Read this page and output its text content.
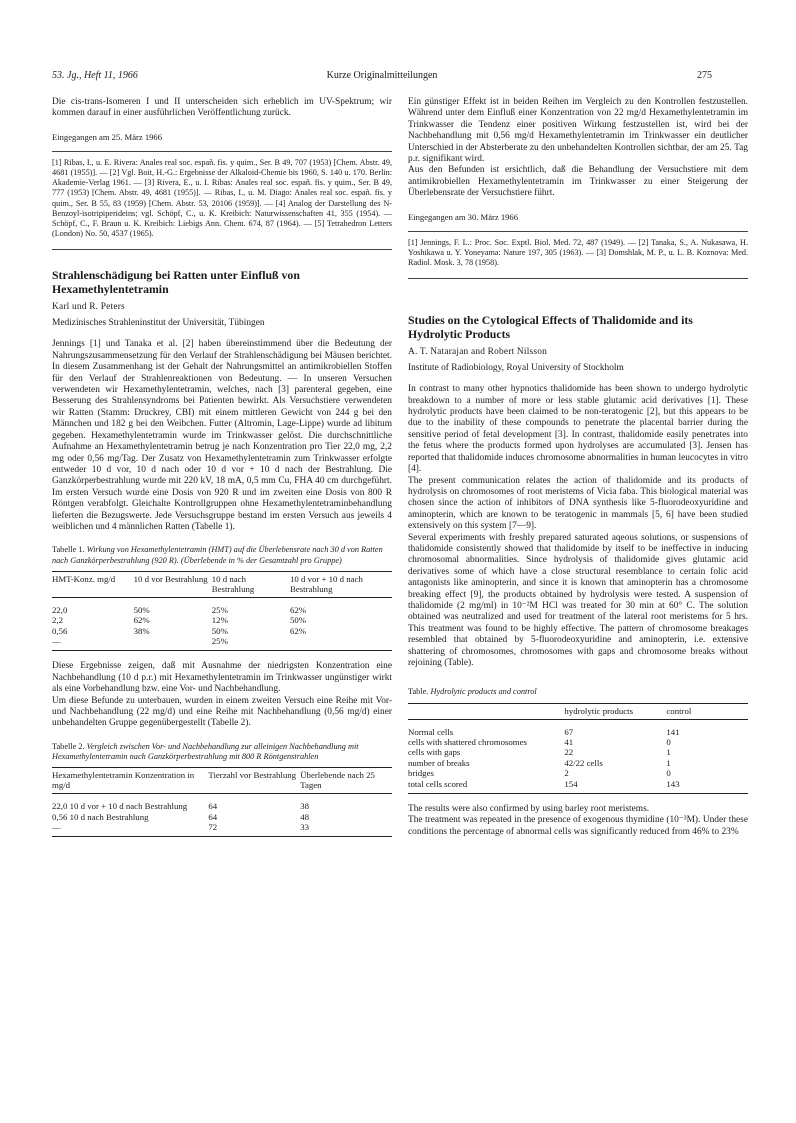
53. Jg., Heft 11, 1966	Kurze Originalmitteilungen	275

Die cis-trans-Isomeren I und II unterscheiden sich erheblich im UV-Spektrum; wir kommen darauf in einer ausführlichen Veröffentlichung zurück.

Eingegangen am 25. März 1966
[1] Ribas, I., u. E. Rivera: Anales real soc. españ. fis. y quim., Ser. B 49, 707 (1953) [Chem. Abstr. 49, 4681 (1955)]. — [2] Vgl. Boit, H.-G.: Ergebnisse der Alkaloid-Chemie bis 1960, S. 140 u. 170. Berlin: Akademie-Verlag 1961. — [3] Rivera, E., u. I. Ribas: Anales real soc. españ. fis. y quim., Ser. B 49, 777 (1953) [Chem. Abstr. 49, 4681 (1955)]. — Ribas, I., u. M. Diago: Anales real soc. españ. fis. y quim., Ser. B 55, 83 (1959) [Chem. Abstr. 53, 20106 (1959)]. — [4] Analog der Darstellung des N-Benzoyl-isotripiperideins; vgl. Schöpf, C., u. K. Kreibich: Naturwissenschaften 41, 355 (1954). — Schöpf, C., F. Braun u. K. Kreibich: Liebigs Ann. Chem. 674, 87 (1964). — [5] Tetrahedron Letters (London) No. 50, 4537 (1965).
Strahlenschädigung bei Ratten unter Einfluß von Hexamethylentetramin
Karl und R. Peters
Medizinisches Strahleninstitut der Universität, Tübingen

Jennings [1] und Tanaka et al. [2] haben übereinstimmend über die Bedeutung der Nahrungszusammensetzung für den Verlauf der Strahlenschädigung bei Mäusen berichtet. In diesem Zusammenhang ist der Gehalt der Nahrungsmittel an antimikrobiellen Stoffen für den Verlauf der Strahlenreaktionen von Bedeutung. — In unseren Versuchen verwendeten wir Hexamethylentetramin, welches, nach [3] parenteral gegeben, eine Besserung des Strahlensyndroms bei Patienten bewirkt. Als Versuchstiere verwendeten wir Ratten (Stamm: Druckrey, CBI) mit einem mittleren Gewicht von 244 g bei den Männchen und 182 g bei den Weibchen. Futter (Altromin, Lage-Lippe) wurde ad libitum gegeben. Hexamethylentetramin wurde im Trinkwasser gelöst. Die durchschnittliche Aufnahme an Hexamethylentetramin betrug je nach Konzentration pro Tier 22,0 mg, 2,2 mg oder 0,56 mg/Tag. Der Zusatz von Hexamethylentetramin zum Trinkwasser erfolgte entweder 10 d vor, 10 d nach oder 10 d vor + 10 d nach der Bestrahlung. Die Ganzkörperbestrahlung wurde mit 220 kV, 18 mA, 0,5 mm Cu, FHA 40 cm durchgeführt. Im ersten Versuch wurde eine Dosis von 920 R und im zweiten eine Dosis von 800 R Röntgen verabfolgt. Gleichalte Kontrollgruppen ohne Hexamethylentetraminbehandlung lieferten die Bezugswerte. Jede Versuchsgruppe bestand im ersten Versuch aus jeweils 4 weiblichen und 4 männlichen Ratten (Tabelle 1).

Tabelle 1. Wirkung von Hexamethylentetramin (HMT) auf die Überlebensrate nach 30 d von Ratten nach Ganzkörperbestrahlung (920 R). (Überlebende in % der Gesamtzahl pro Gruppe)
HMT-Konz. mg/d	10 d vor Bestrahlung	10 d nach Bestrahlung	10 d vor + 10 d nach Bestrahlung
22,0	50%	25%	62%
2,2	62%	12%	50%
0,56	38%	50%	62%
—		25%	

Diese Ergebnisse zeigen, daß mit Ausnahme der niedrigsten Konzentration eine Nachbehandlung (10 d p.r.) mit Hexamethylentetramin im Trinkwasser ungünstiger wirkt als eine Vorbehandlung bzw. eine Vor- und Nachbehandlung.

Um diese Befunde zu unterbauen, wurden in einem zweiten Versuch eine Reihe mit Vor- und Nachbehandlung (22 mg/d) und eine Reihe mit Nachbehandlung (0,56 mg/d) einer unbehandelten Gruppe gegenübergestellt (Tabelle 2).

Tabelle 2. Vergleich zwischen Vor- und Nachbehandlung zur alleinigen Nachbehandlung mit Hexamethylentetramin nach Ganzkörperbestrahlung mit 800 R Röntgenstrahlen
Hexamethylentetramin Konzentration in mg/d	Tierzahl vor Bestrahlung	Überlebende nach 25 Tagen
22,0 10 d vor + 10 d nach Bestrahlung	64	38
0,56 10 d nach Bestrahlung	64	48
—	72	33

Ein günstiger Effekt ist in beiden Reihen im Vergleich zu den Kontrollen festzustellen. Während unter dem Einfluß einer Konzentration von 22 mg/d Hexamethylentetramin im Trinkwasser die Tendenz einer positiven Wirkung festzustellen ist, wird bei der Nachbehandlung mit 0,56 mg/d Hexamethylentetramin im Trinkwasser ein deutlicher Unterschied in der Absterberate zu den unbehandelten Kontrollen sichtbar, der am 25. Tag p.r. signifikant wird.

Aus den Befunden ist ersichtlich, daß die Behandlung der Versuchstiere mit dem antimikrobiellen Hexamethylentetramin im Trinkwasser zu einer Steigerung der Überlebensrate der Versuchstiere führt.

Eingegangen am 30. März 1966
[1] Jennings, F. L.: Proc. Soc. Exptl. Biol. Med. 72, 487 (1949). — [2] Tanaka, S., A. Nukasawa, H. Yoshikawa u. Y. Yoneyama: Nature 197, 305 (1963). — [3] Domshlak, M. P., u. L. B. Koznova: Med. Radiol. Mosk. 3, 78 (1958).
Studies on the Cytological Effects of Thalidomide and its Hydrolytic Products
A. T. Natarajan and Robert Nilsson
Institute of Radiobiology, Royal University of Stockholm

In contrast to many other hypnotics thalidomide has been shown to undergo hydrolytic breakdown to a number of more or less stable glutamic acid derivatives [1]. These hydrolytic products have been claimed to be non-teratogenic [2], but this appears to be due to the inability of these compounds to penetrate the placental barrier during the sensitive period of fetal development [3]. In contrast, thalidomide easily penetrates into the fetus where the products formed upon hydrolyses are accumulated [3]. Jensen has reported that thalidomide induces chromosome abnormalities in human leucocytes in vitro [4].

The present communication relates the action of thalidomide and its products of hydrolysis on chromosomes of root meristems of Vicia faba. This biological material was chosen since the action of inhibitors of DNA synthesis like 5-fluorodeoxyuridine and aminopterin, which are known to be teratogenic in mammals [5, 6] have been studied extensively on this system [7—9].

Several experiments with freshly prepared saturated aqeous solutions, or suspensions of thalidomide consistently showed that thalidomide by itself to be ineffective in inducing chromosomal abnormalities. Since hydrolysis of thalidomide gives glutamic acid derivatives some of which have a close structural resemblance to certain folic acid antagonists like aminopterin, and since it is known that aminopterin has a chromosome breaking effect [9], the products obtained by hydrolysis were tested. A suspension of thalidomide (2 mg/ml) in 10⁻²M HCl was treated for 30 min at 60° C. The solution obtained was neutralized and used for treatment of the lateral root meristems for 5 hrs. This treatment was found to be highly effective. The pattern of chromosome breakages resembled that obtained by 5-fluorodeoxyuridine and aminopterin, i.e. extensive shattering of chromosomes, chromosomes with gaps and chromosome breaks without rejoining (Table).

Table. Hydrolytic products and control
	hydrolytic products	control
Normal cells	67	141
cells with shattered chromosomes	41	0
cells with gaps	22	1
number of breaks	42/22 cells	1
bridges	2	0
total cells scored	154	143

The results were also confirmed by using barley root meristems.

The treatment was repeated in the presence of exogenous thymidine (10⁻³M). Under these conditions the percentage of abnormal cells was significantly reduced from 46% to 23%
